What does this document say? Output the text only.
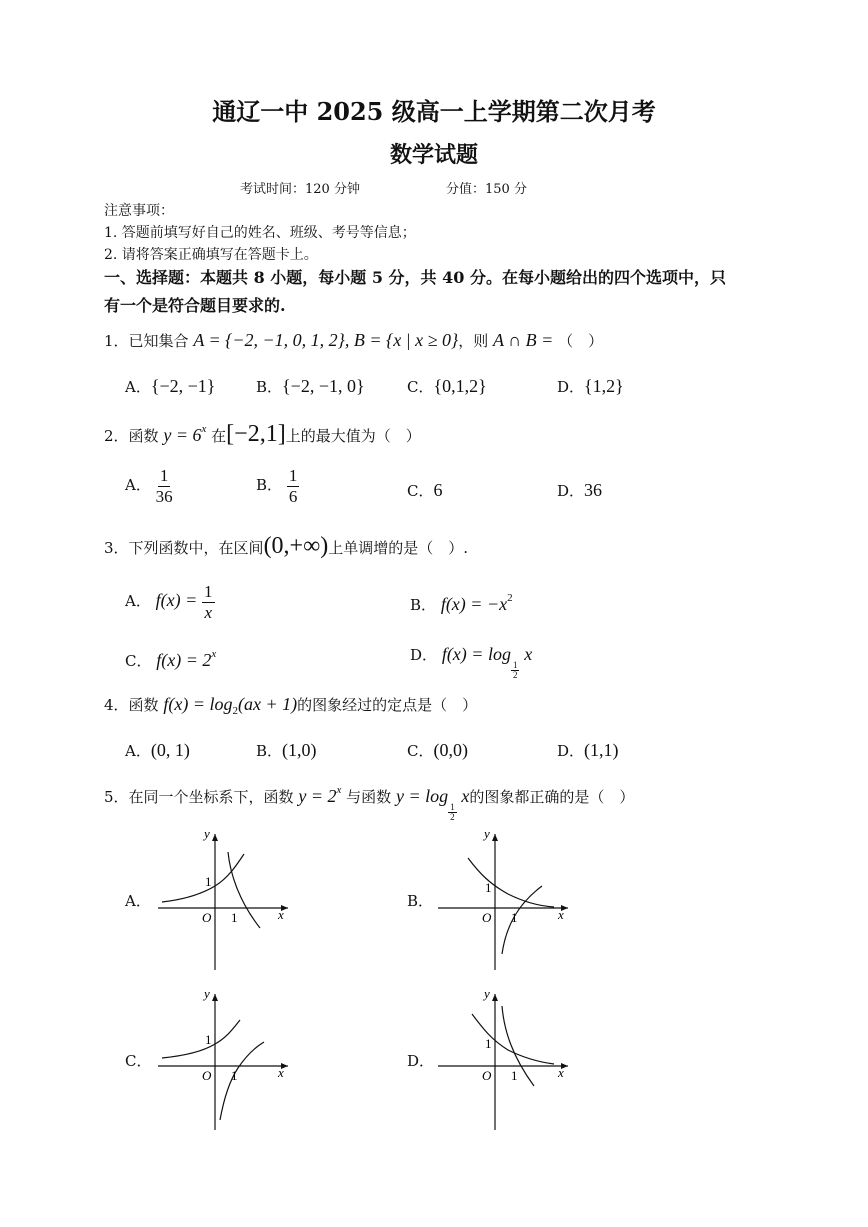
通辽一中 2025 级高一上学期第二次月考
数学试题
考试时间：120 分钟	分值：150 分
注意事项：
1. 答题前填写好自己的姓名、班级、考号等信息；
2. 请将答案正确填写在答题卡上。
一、选择题：本题共 8 小题，每小题 5 分，共 40 分。在每小题给出的四个选项中，只
有一个是符合题目要求的.
1．已知集合 A = {−2, −1, 0, 1, 2}, B = {x | x ≥ 0}，则 A ∩ B = （　）
A．{−2, −1}	B．{−2, −1, 0}	C．{0,1,2}	D．{1,2}
2．函数 $y = 6^x$ 在[−2,1]上的最大值为（　）
A． $\frac{1}{36}$	B． $\frac{1}{6}$	C．6	D．36
3．下列函数中，在区间(0,+∞)上单调增的是（　）.
A． $f(x) = \frac{1}{x}$	B． $f(x) = -x^2$
C． $f(x) = 2^x$	D． f(x) = log
$\frac{1}{2}$
x
4．函数 $f(x) = \log_2(ax + 1)$的图象经过的定点是（　）
A．(0, 1)	B．(1,0)	C．(0,0)	D．(1,1)
5．在同一个坐标系下，函数 $y = 2^x$ 与函数 y = log
$\frac{1}{2}$
x的图象都正确的是（　）
A．	B．
C．	D．
y
x
O
1
1
y
x
O
1
1
y
x
O
1
1
y
x
O
1
1
